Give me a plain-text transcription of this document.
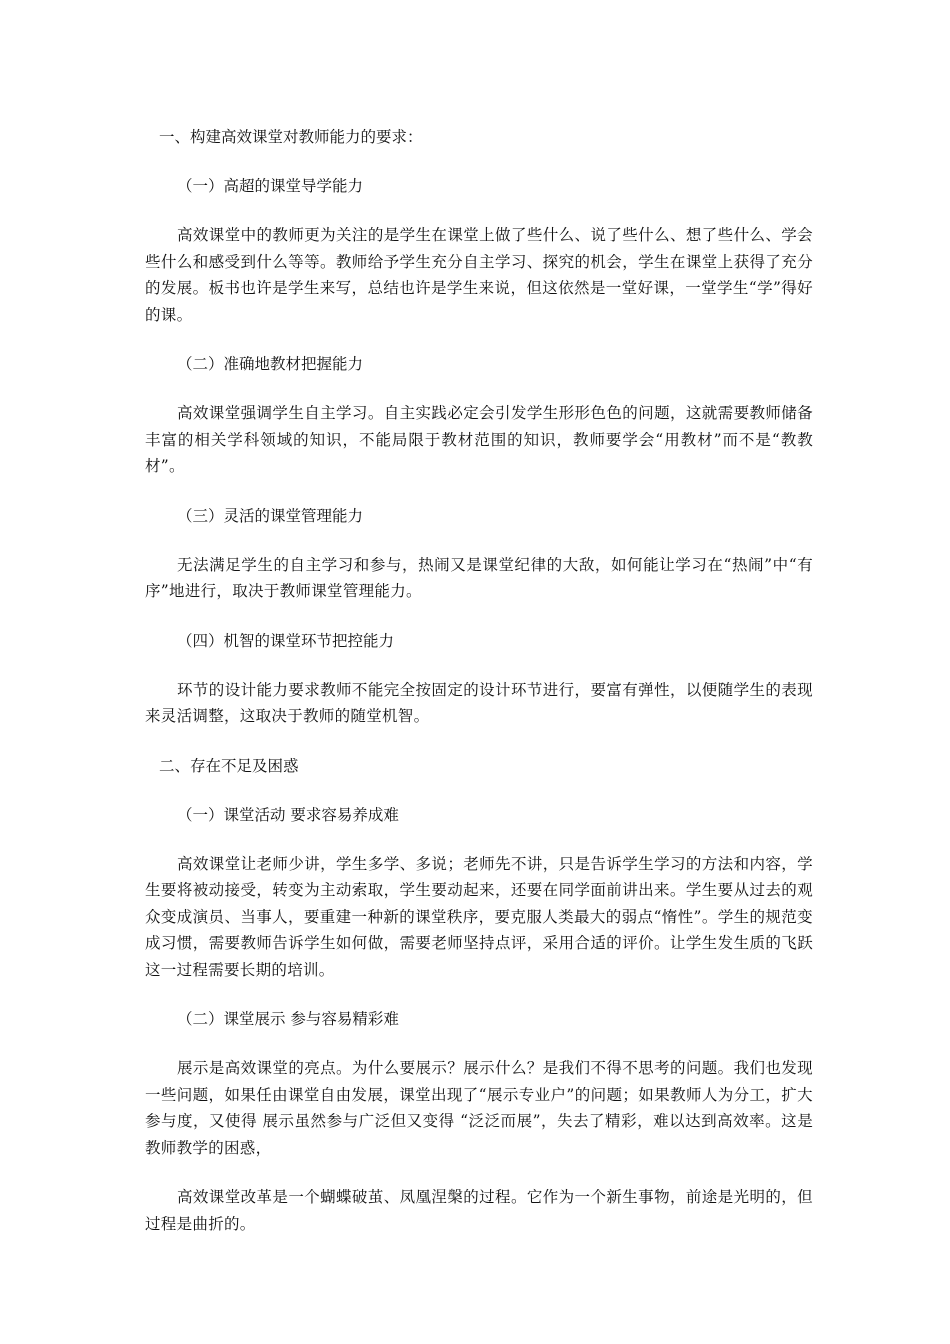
一、构建高效课堂对教师能力的要求：
（一）高超的课堂导学能力

高效课堂中的教师更为关注的是学生在课堂上做了些什么、说了些什么、想了些什么、学会些什么和感受到什么等等。教师给予学生充分自主学习、探究的机会，学生在课堂上获得了充分的发展。板书也许是学生来写，总结也许是学生来说，但这依然是一堂好课，一堂学生“学”得好的课。

（二）准确地教材把握能力

高效课堂强调学生自主学习。自主实践必定会引发学生形形色色的问题，这就需要教师储备丰富的相关学科领域的知识，不能局限于教材范围的知识，教师要学会“用教材”而不是“教教材”。

（三）灵活的课堂管理能力

无法满足学生的自主学习和参与，热闹又是课堂纪律的大敌，如何能让学习在“热闹”中“有序”地进行，取决于教师课堂管理能力。

（四）机智的课堂环节把控能力

环节的设计能力要求教师不能完全按固定的设计环节进行，要富有弹性，以便随学生的表现来灵活调整，这取决于教师的随堂机智。

二、存在不足及困惑
（一）课堂活动 要求容易养成难

高效课堂让老师少讲，学生多学、多说；老师先不讲，只是告诉学生学习的方法和内容，学生要将被动接受，转变为主动索取，学生要动起来，还要在同学面前讲出来。学生要从过去的观众变成演员、当事人，要重建一种新的课堂秩序，要克服人类最大的弱点“惰性”。学生的规范变成习惯，需要教师告诉学生如何做，需要老师坚持点评，采用合适的评价。让学生发生质的飞跃这一过程需要长期的培训。

（二）课堂展示 参与容易精彩难

展示是高效课堂的亮点。为什么要展示？展示什么？是我们不得不思考的问题。我们也发现一些问题，如果任由课堂自由发展，课堂出现了“展示专业户”的问题；如果教师人为分工，扩大参与度，又使得 展示虽然参与广泛但又变得 “泛泛而展”，失去了精彩，难以达到高效率。这是教师教学的困惑，

高效课堂改革是一个蝴蝶破茧、凤凰涅槃的过程。它作为一个新生事物，前途是光明的，但过程是曲折的。
